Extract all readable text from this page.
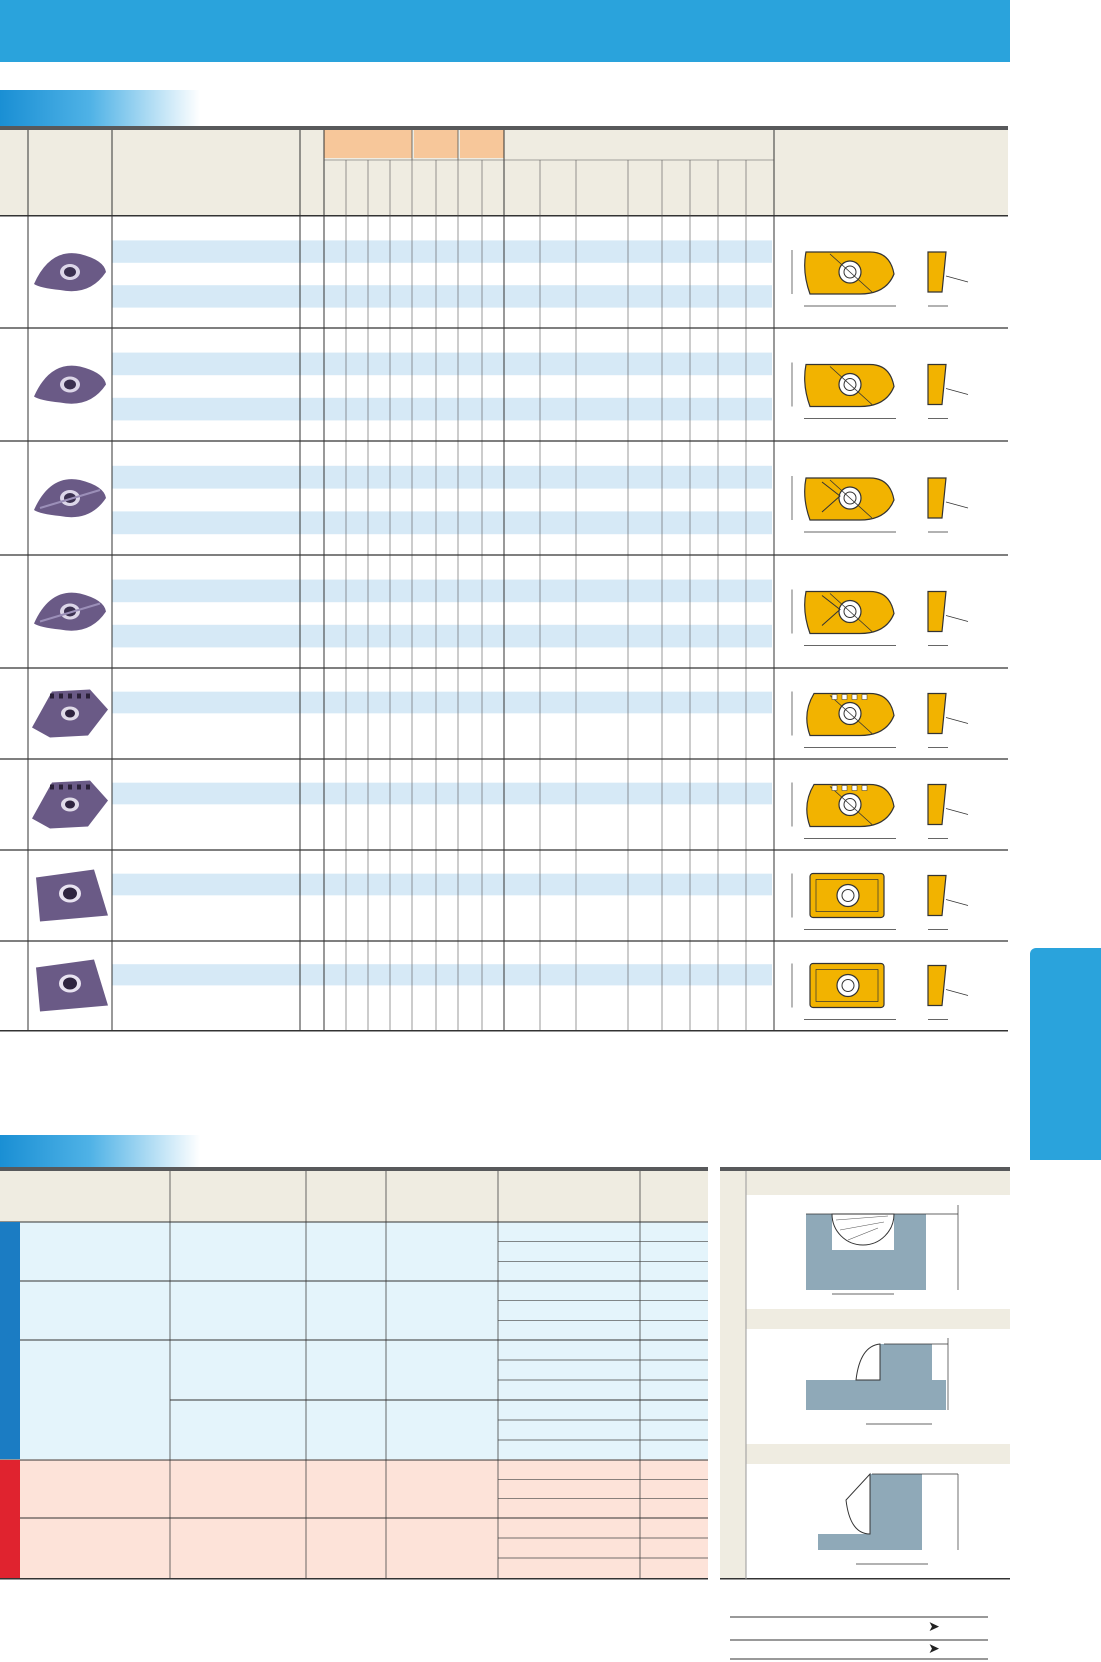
➤
➤
